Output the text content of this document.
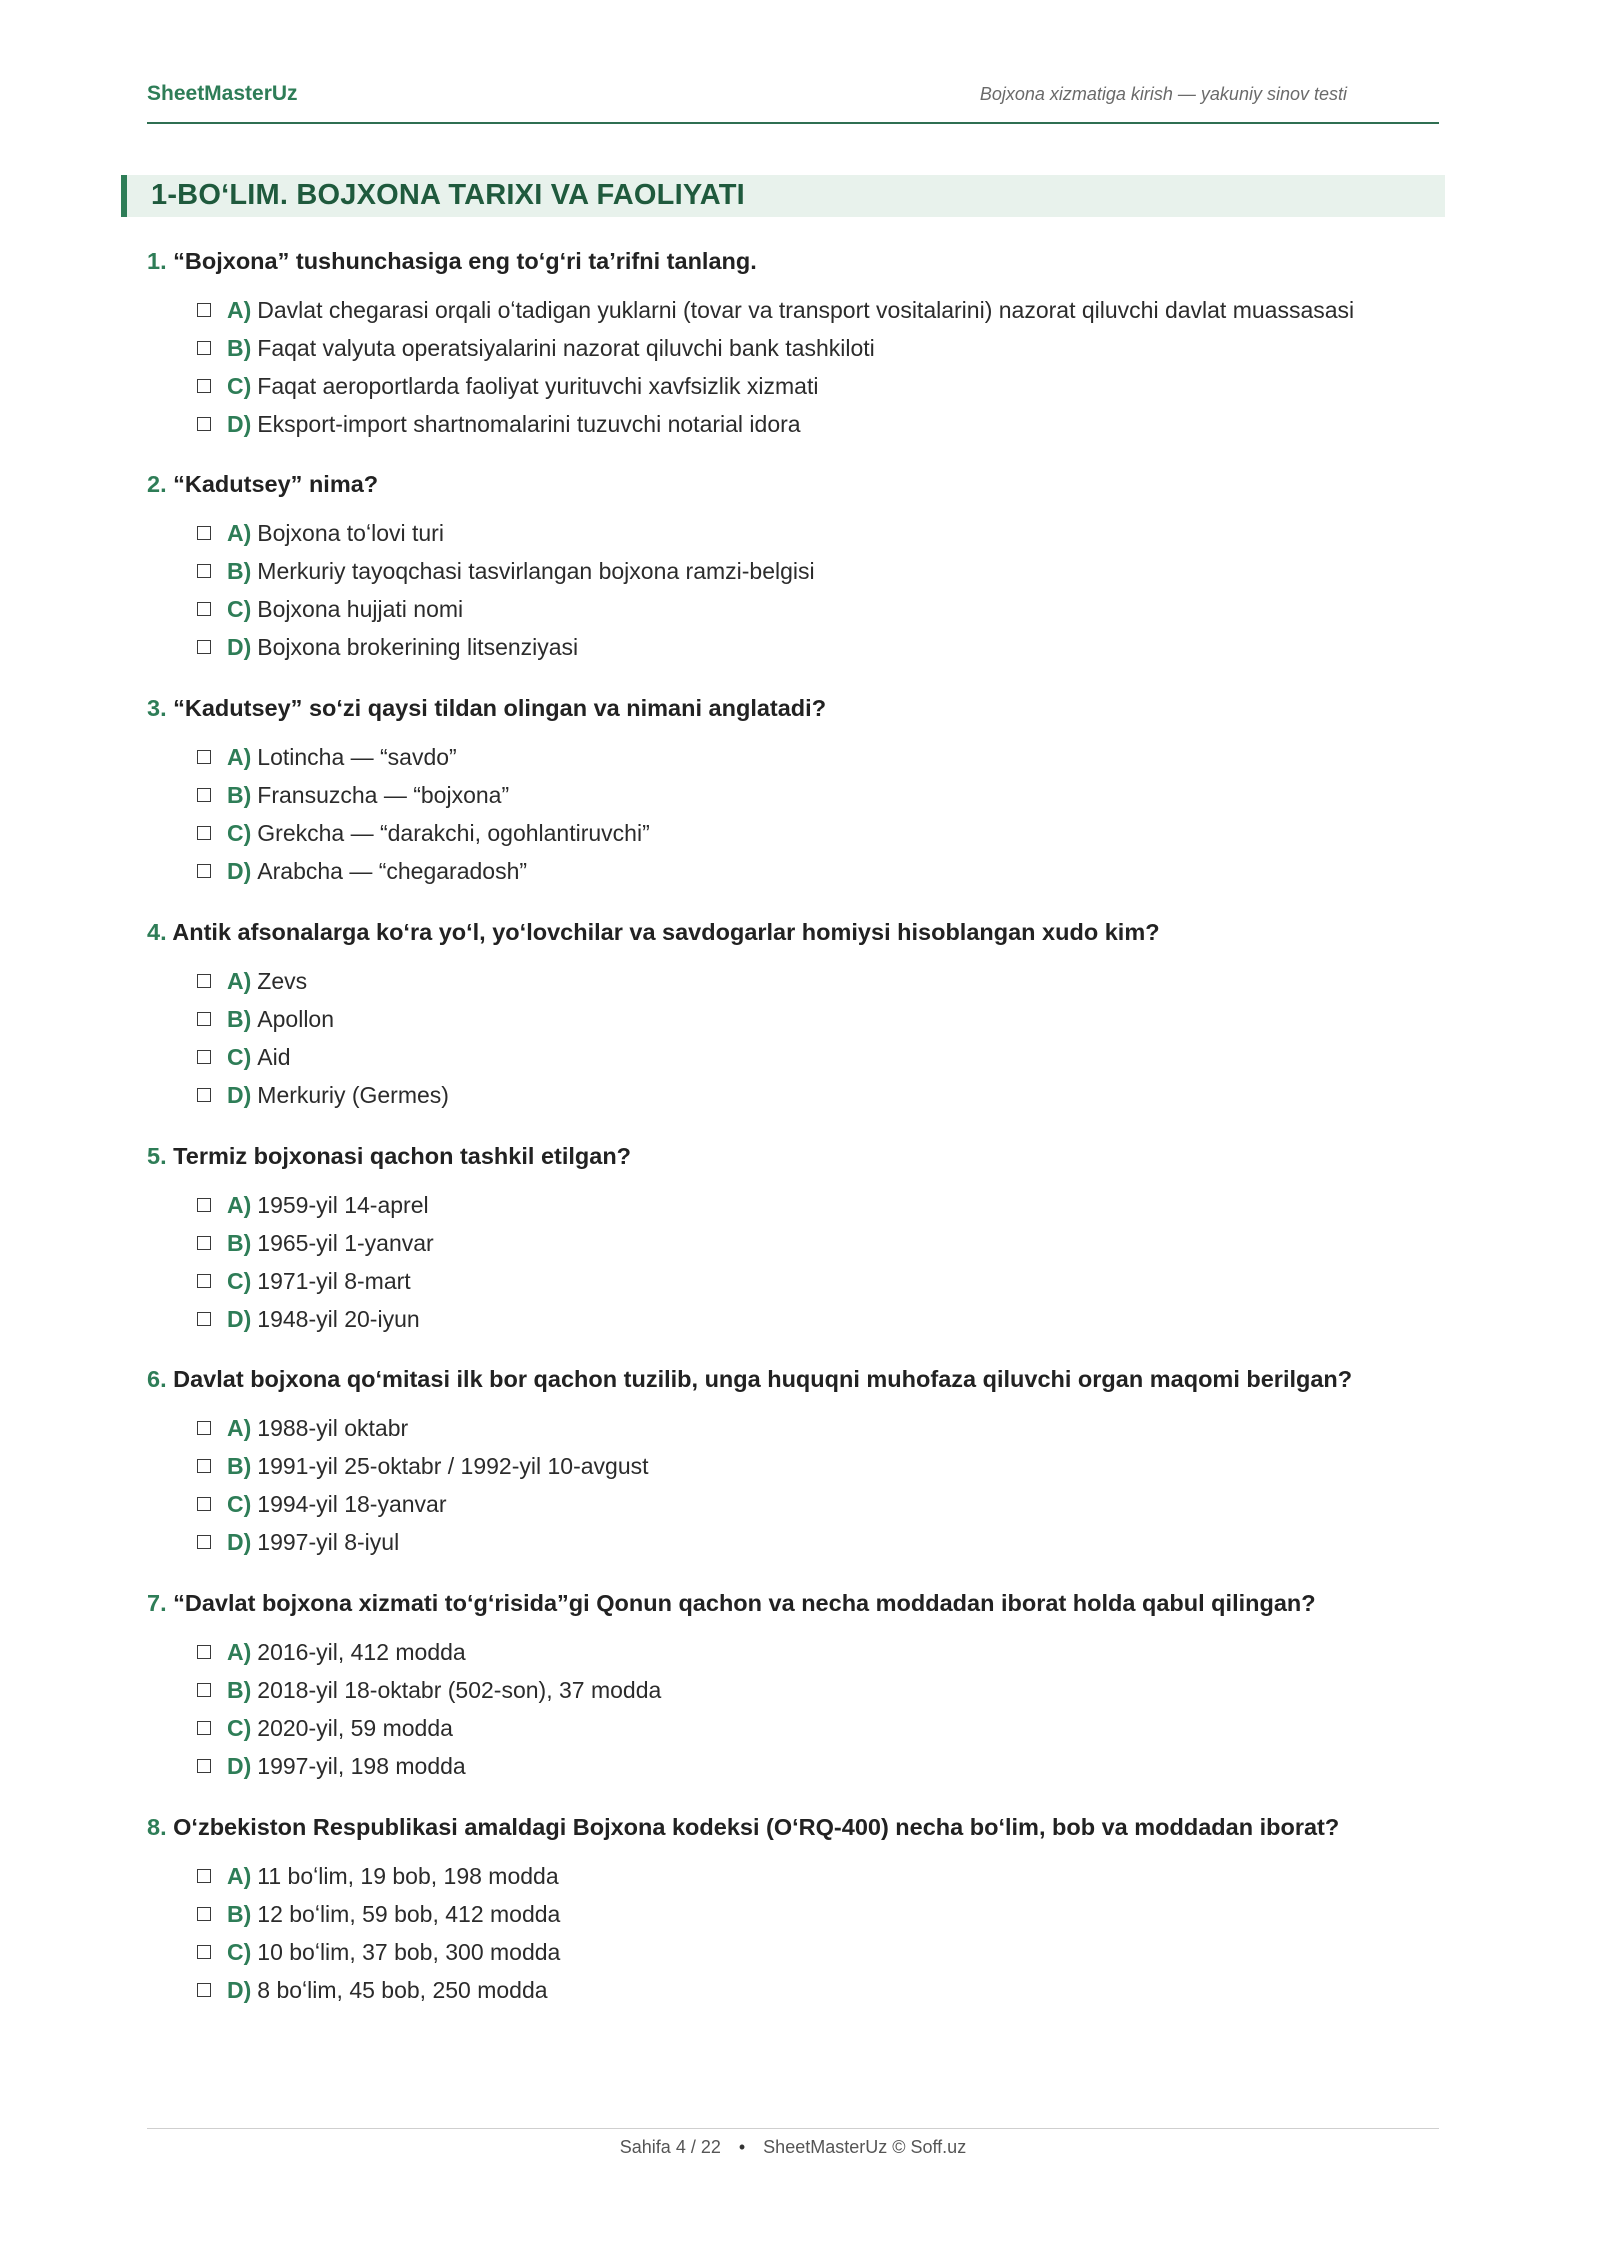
SheetMasterUz	Bojxona xizmatiga kirish — yakuniy sinov testi
1-BOʻLIM. BOJXONA TARIXI VA FAOLIYATI
1. “Bojxona” tushunchasiga eng toʻgʻri taʼrifni tanlang.
A) Davlat chegarasi orqali oʻtadigan yuklarni (tovar va transport vositalarini) nazorat qiluvchi davlat muassasasi
B) Faqat valyuta operatsiyalarini nazorat qiluvchi bank tashkiloti
C) Faqat aeroportlarda faoliyat yurituvchi xavfsizlik xizmati
D) Eksport-import shartnomalarini tuzuvchi notarial idora
2. “Kadutsey” nima?
A) Bojxona toʻlovi turi
B) Merkuriy tayoqchasi tasvirlangan bojxona ramzi-belgisi
C) Bojxona hujjati nomi
D) Bojxona brokerining litsenziyasi
3. “Kadutsey” soʻzi qaysi tildan olingan va nimani anglatadi?
A) Lotincha — “savdo”
B) Fransuzcha — “bojxona”
C) Grekcha — “darakchi, ogohlantiruvchi”
D) Arabcha — “chegaradosh”
4. Antik afsonalarga koʻra yoʻl, yoʻlovchilar va savdogarlar homiysi hisoblangan xudo kim?
A) Zevs
B) Apollon
C) Aid
D) Merkuriy (Germes)
5. Termiz bojxonasi qachon tashkil etilgan?
A) 1959-yil 14-aprel
B) 1965-yil 1-yanvar
C) 1971-yil 8-mart
D) 1948-yil 20-iyun
6. Davlat bojxona qoʻmitasi ilk bor qachon tuzilib, unga huquqni muhofaza qiluvchi organ maqomi berilgan?
A) 1988-yil oktabr
B) 1991-yil 25-oktabr / 1992-yil 10-avgust
C) 1994-yil 18-yanvar
D) 1997-yil 8-iyul
7. “Davlat bojxona xizmati toʻgʻrisida”gi Qonun qachon va necha moddadan iborat holda qabul qilingan?
A) 2016-yil, 412 modda
B) 2018-yil 18-oktabr (502-son), 37 modda
C) 2020-yil, 59 modda
D) 1997-yil, 198 modda
8. Oʻzbekiston Respublikasi amaldagi Bojxona kodeksi (OʻRQ-400) necha boʻlim, bob va moddadan iborat?
A) 11 boʻlim, 19 bob, 198 modda
B) 12 boʻlim, 59 bob, 412 modda
C) 10 boʻlim, 37 bob, 300 modda
D) 8 boʻlim, 45 bob, 250 modda
Sahifa 4 / 22 • SheetMasterUz © Soff.uz
